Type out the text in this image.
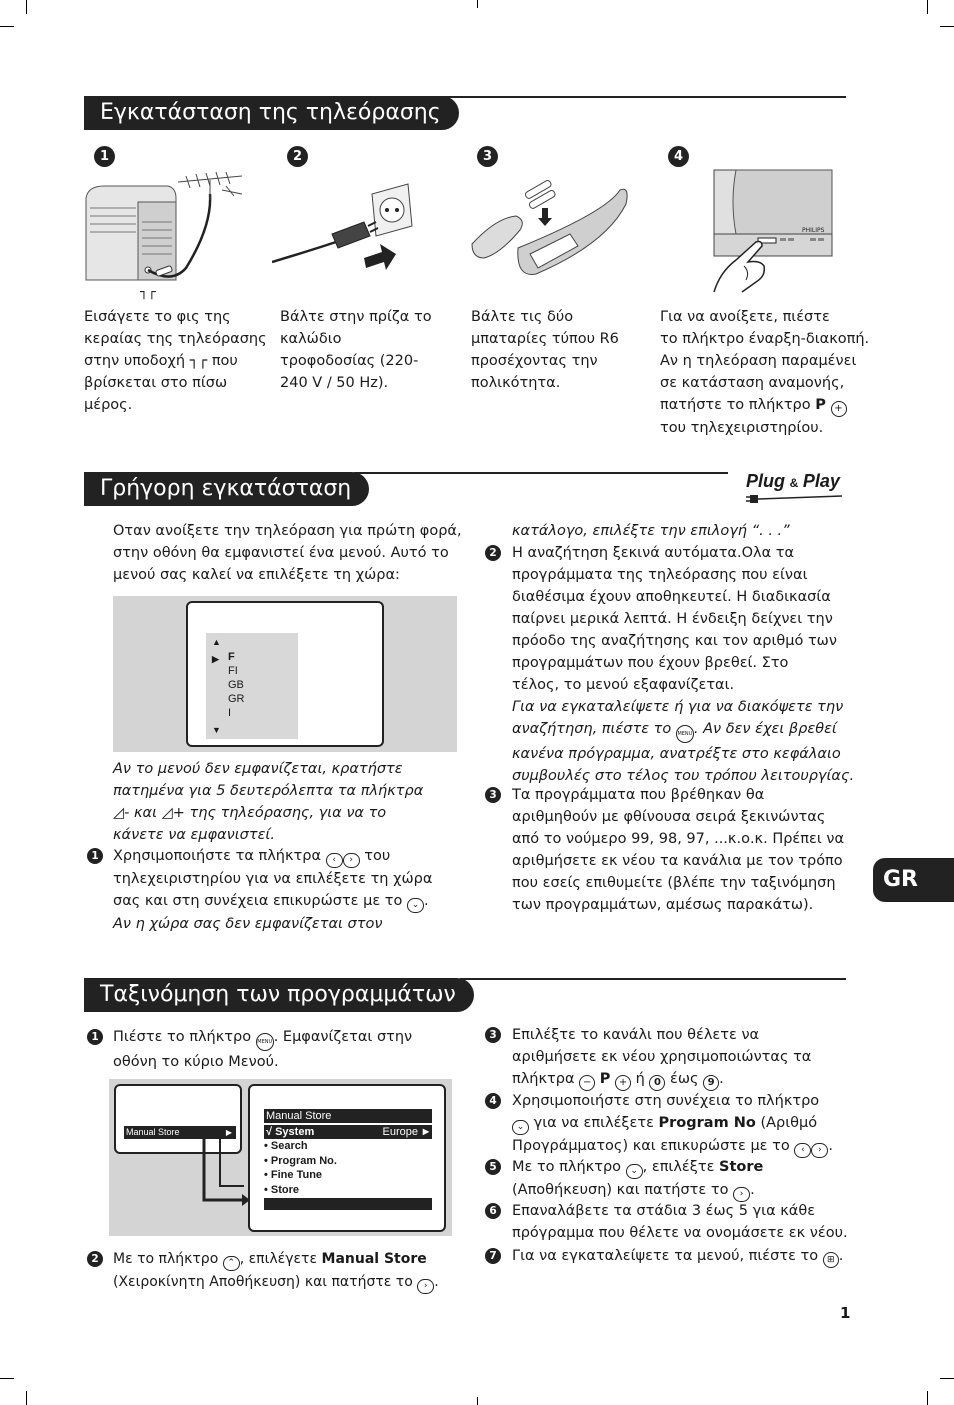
Εγκατάσταση της τηλεόρασης
1	2	3	4
┐┌
PHILIPS
Εισάγετε το φις της
κεραίας της τηλεόρασης
στην υποδοχή ┐┌ που
βρίσκεται στο πίσω
μέρος.
Βάλτε στην πρίζα το
καλώδιο
τροφοδοσίας (220-
240 V / 50 Hz).
Βάλτε τις δύο
μπαταρίες τύπου R6
προσέχοντας την
πολικότητα.
Για να ανοίξετε, πιέστε
το πλήκτρο έναρξη-διακοπή.
Αν η τηλεόραση παραμένει
σε κατάσταση αναμονής,
πατήστε το πλήκτρο P +
του τηλεχειριστηρίου.
Γρήγορη εγκατάσταση	Plug & Play
Οταν ανοίξετε την τηλεόραση για πρώτη φορά,
στην οθόνη θα εμφανιστεί ένα μενού. Αυτό το
μενού σας καλεί να επιλέξετε τη χώρα:
▲
▶ F
FI
GB
GR
I
▼
Αν το μενού δεν εμφανίζεται, κρατήστε
πατημένα για 5 δευτερόλεπτα τα πλήκτρα
◿- και ◿+ της τηλεόρασης, για να το
κάνετε να εμφανιστεί.
1 Χρησιμοποιήστε τα πλήκτρα ‹ › του
τηλεχειριστηρίου για να επιλέξετε τη χώρα
σας και στη συνέχεια επικυρώστε με το ⌄ .
Αν η χώρα σας δεν εμφανίζεται στον
κατάλογο, επιλέξτε την επιλογή “. . .”
2 Η αναζήτηση ξεκινά αυτόματα.Ολα τα
προγράμματα της τηλεόρασης που είναι
διαθέσιμα έχουν αποθηκευτεί. Η διαδικασία
παίρνει μερικά λεπτά. Η ένδειξη δείχνει την
πρόοδο της αναζήτησης και τον αριθμό των
προγραμμάτων που έχουν βρεθεί. Στο
τέλος, το μενού εξαφανίζεται.
Για να εγκαταλείψετε ή για να διακόψετε την
αναζήτηση, πιέστε το MENU . Αν δεν έχει βρεθεί
κανένα πρόγραμμα, ανατρέξτε στο κεφάλαιο
συμβουλές στο τέλος του τρόπου λειτουργίας.
3 Τα προγράμματα που βρέθηκαν θα
αριθμηθούν με φθίνουσα σειρά ξεκινώντας
από το νούμερο 99, 98, 97, ...κ.ο.κ. Πρέπει να
αριθμήσετε εκ νέου τα κανάλια με τον τρόπο
που εσείς επιθυμείτε (βλέπε την ταξινόμηση
των προγραμμάτων, αμέσως παρακάτω).
GR
Ταξινόμηση των προγραμμάτων
1 Πιέστε το πλήκτρο MENU . Εμφανίζεται στην
οθόνη το κύριο Μενού.
Manual Store	▶
Manual Store
√ System	Europe ▶
• Search
• Program No.
• Fine Tune
• Store
2	Με το πλήκτρο ⌃ , επιλέγετε Manual Store
(Χειροκίνητη Αποθήκευση) και πατήστε το › .
3 Επιλέξτε το κανάλι που θέλετε να
αριθμήσετε εκ νέου χρησιμοποιώντας τα
πλήκτρα − P + ή 0 έως 9 .
4 Χρησιμοποιήστε στη συνέχεια το πλήκτρο
⌄ για να επιλέξετε Program No (Αριθμό
Προγράμματος) και επικυρώστε με το ‹ › .
5 Με το πλήκτρο ⌄ , επιλέξτε Store
(Αποθήκευση) και πατήστε το › .
6 Επαναλάβετε τα στάδια 3 έως 5 για κάθε
πρόγραμμα που θέλετε να ονομάσετε εκ νέου.
7 Για να εγκαταλείψετε τα μενού, πιέστε το ⊞ .
1
